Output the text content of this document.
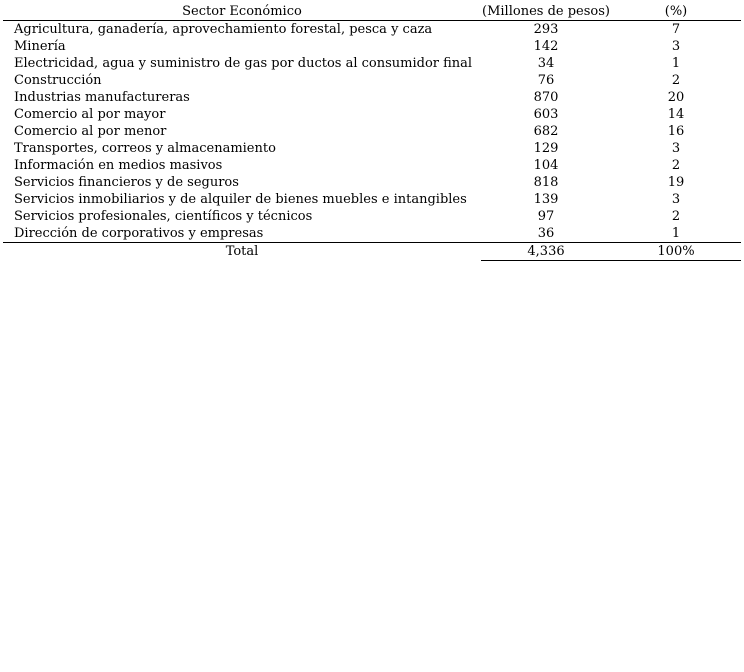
Sector Económico	(Millones de pesos)	(%)
Agricultura, ganadería, aprovechamiento forestal, pesca y caza	293	7
Minería	142	3
Electricidad, agua y suministro de gas por ductos al consumidor final	34	1
Construcción	76	2
Industrias manufactureras	870	20
Comercio al por mayor	603	14
Comercio al por menor	682	16
Transportes, correos y almacenamiento	129	3
Información en medios masivos	104	2
Servicios financieros y de seguros	818	19
Servicios inmobiliarios y de alquiler de bienes muebles e intangibles	139	3
Servicios profesionales, científicos y técnicos	97	2
Dirección de corporativos y empresas	36	1
Total	4,336	100%
